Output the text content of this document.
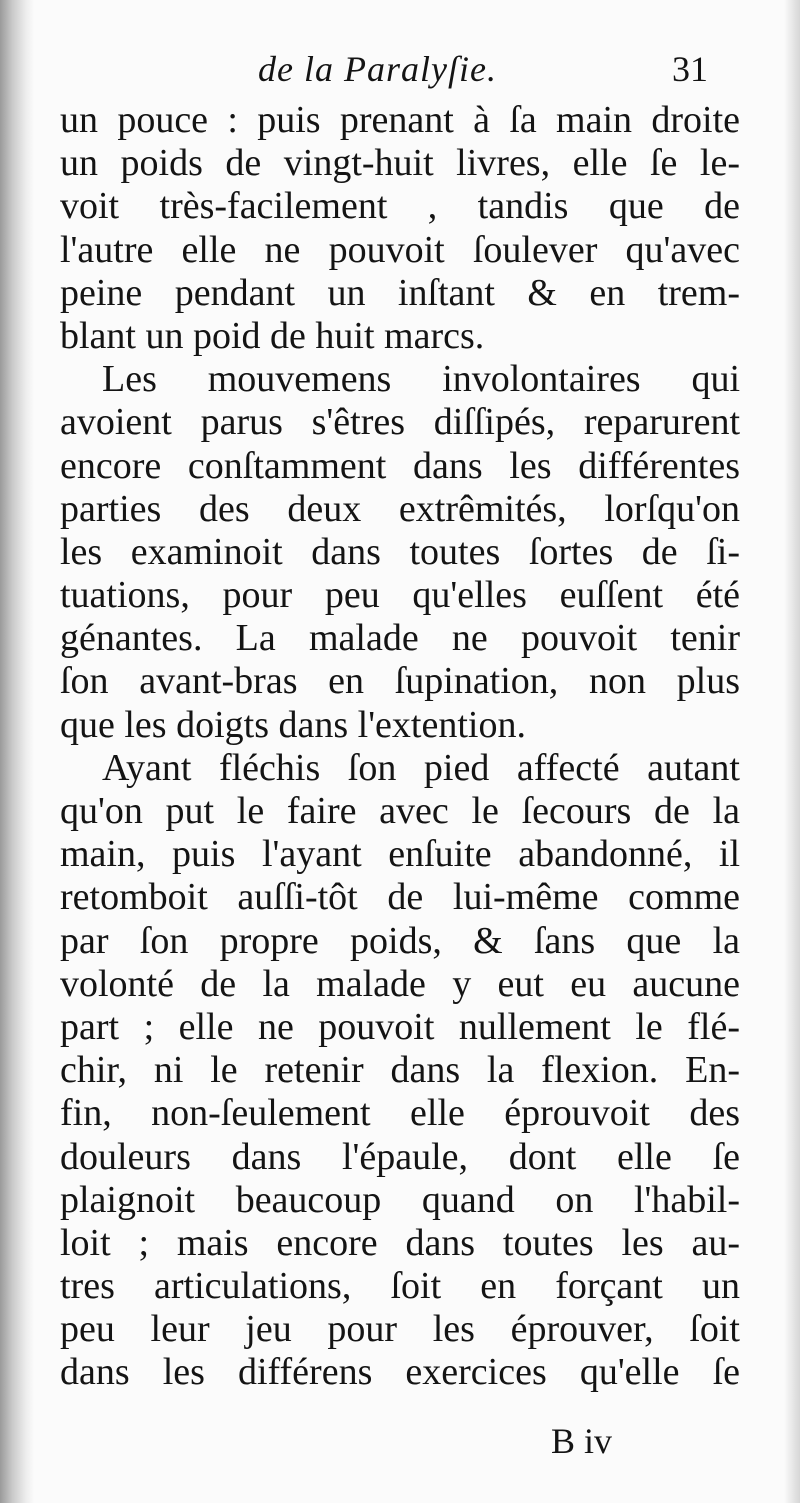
de la Paralyſie.	31
un pouce : puis prenant à ſa main droite
un poids de vingt-huit livres, elle ſe le-
voit très-facilement , tandis que de
l'autre elle ne pouvoit ſoulever qu'avec
peine pendant un inſtant & en trem-
blant un poid de huit marcs.
Les mouvemens involontaires qui
avoient parus s'êtres diſſipés, reparurent
encore conſtamment dans les différentes
parties des deux extrêmités, lorſqu'on
les examinoit dans toutes ſortes de ſi-
tuations, pour peu qu'elles euſſent été
génantes. La malade ne pouvoit tenir
ſon avant-bras en ſupination, non plus
que les doigts dans l'extention.
Ayant fléchis ſon pied affecté autant
qu'on put le faire avec le ſecours de la
main, puis l'ayant enſuite abandonné, il
retomboit auſſi-tôt de lui-même comme
par ſon propre poids, & ſans que la
volonté de la malade y eut eu aucune
part ; elle ne pouvoit nullement le flé-
chir, ni le retenir dans la flexion. En-
fin, non-ſeulement elle éprouvoit des
douleurs dans l'épaule, dont elle ſe
plaignoit beaucoup quand on l'habil-
loit ; mais encore dans toutes les au-
tres articulations, ſoit en forçant un
peu leur jeu pour les éprouver, ſoit
dans les différens exercices qu'elle ſe
B iv
